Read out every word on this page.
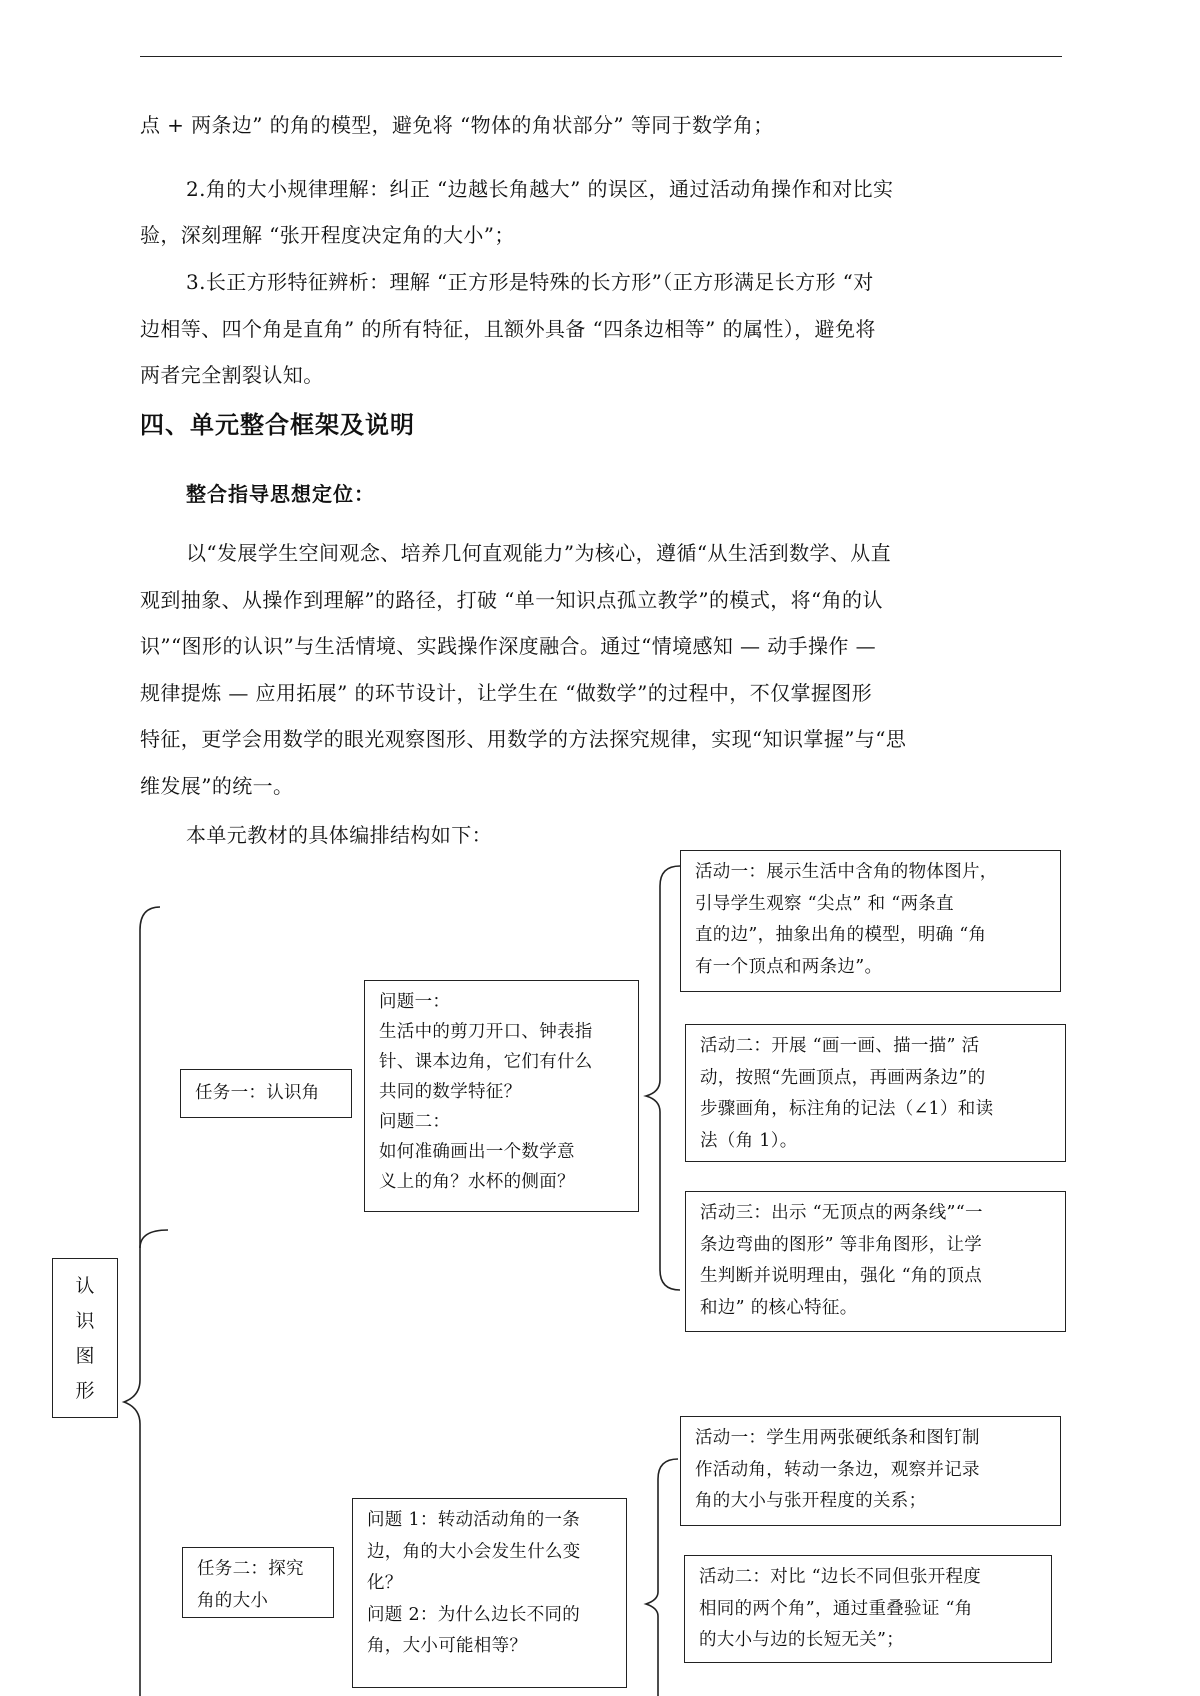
点 + 两条边” 的角的模型，避免将 “物体的角状部分” 等同于数学角；

2.角的大小规律理解：纠正 “边越长角越大” 的误区，通过活动角操作和对比实

验，深刻理解 “张开程度决定角的大小”；

3.长正方形特征辨析：理解 “正方形是特殊的长方形”（正方形满足长方形 “对

边相等、四个角是直角” 的所有特征，且额外具备 “四条边相等” 的属性），避免将

两者完全割裂认知。

四、单元整合框架及说明
整合指导思想定位：

以“发展学生空间观念、培养几何直观能力”为核心，遵循“从生活到数学、从直

观到抽象、从操作到理解”的路径，打破 “单一知识点孤立教学”的模式，将“角的认

识”“图形的认识”与生活情境、实践操作深度融合。通过“情境感知 — 动手操作 —

规律提炼 — 应用拓展” 的环节设计，让学生在 “做数学”的过程中，不仅掌握图形

特征，更学会用数学的眼光观察图形、用数学的方法探究规律，实现“知识掌握”与“思

维发展”的统一。

本单元教材的具体编排结构如下：

认
识
图
形
任务一：认识角
问题一：
生活中的剪刀开口、钟表指
针、课本边角，它们有什么
共同的数学特征？
问题二：
如何准确画出一个数学意
义上的角？水杯的侧面？
活动一：展示生活中含角的物体图片，
引导学生观察 “尖点” 和 “两条直
直的边”，抽象出角的模型，明确 “角
有一个顶点和两条边”。
活动二：开展 “画一画、描一描” 活
动，按照“先画顶点，再画两条边”的
步骤画角，标注角的记法（∠1）和读
法（角 1）。
活动三：出示 “无顶点的两条线”“一
条边弯曲的图形” 等非角图形，让学
生判断并说明理由，强化 “角的顶点
和边” 的核心特征。
任务二：探究
角的大小
问题 1：转动活动角的一条
边，角的大小会发生什么变
化？
问题 2：为什么边长不同的
角，大小可能相等？
活动一：学生用两张硬纸条和图钉制
作活动角，转动一条边，观察并记录
角的大小与张开程度的关系；
活动二：对比 “边长不同但张开程度
相同的两个角”，通过重叠验证 “角
的大小与边的长短无关”；
